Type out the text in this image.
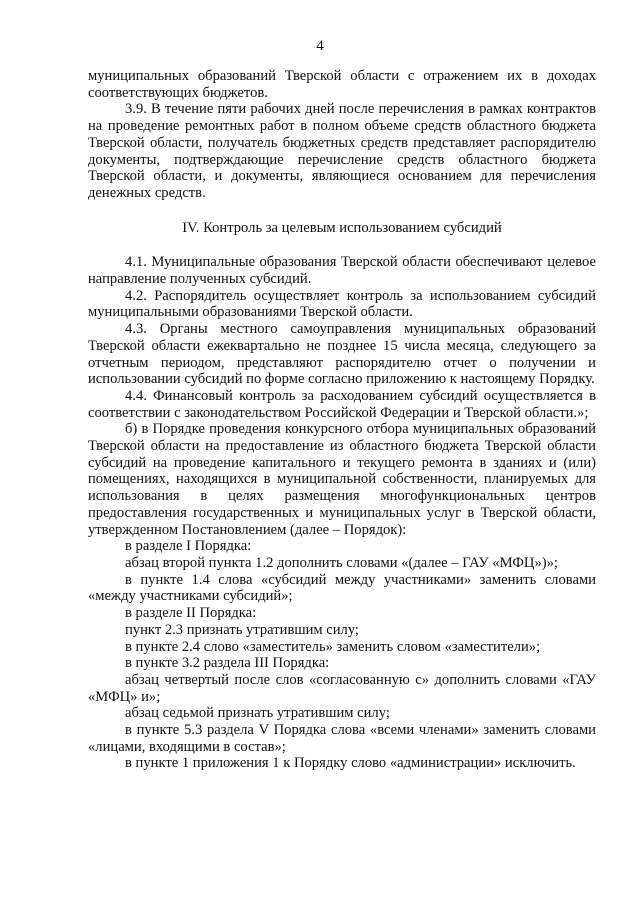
4

муниципальных образований Тверской области с отражением их в доходах соответствующих бюджетов.

3.9. В течение пяти рабочих дней после перечисления в рамках контрактов на проведение ремонтных работ в полном объеме средств областного бюджета Тверской области, получатель бюджетных средств представляет распорядителю документы, подтверждающие перечисление средств областного бюджета Тверской области, и документы, являющиеся основанием для перечисления денежных средств.

IV. Контроль за целевым использованием субсидий

4.1. Муниципальные образования Тверской области обеспечивают целевое направление полученных субсидий.

4.2. Распорядитель осуществляет контроль за использованием субсидий муниципальными образованиями Тверской области.

4.3. Органы местного самоуправления муниципальных образований Тверской области ежеквартально не позднее 15 числа месяца, следующего за отчетным периодом, представляют распорядителю отчет о получении и использовании субсидий по форме согласно приложению к настоящему Порядку.

4.4. Финансовый контроль за расходованием субсидий осуществляется в соответствии с законодательством Российской Федерации и Тверской области.»;

б) в Порядке проведения конкурсного отбора муниципальных образований Тверской области на предоставление из областного бюджета Тверской области субсидий на проведение капитального и текущего ремонта в зданиях и (или) помещениях, находящихся в муниципальной собственности, планируемых для использования в целях размещения многофункциональных центров предоставления государственных и муниципальных услуг в Тверской области, утвержденном Постановлением (далее – Порядок):

в разделе I Порядка:

абзац второй пункта 1.2 дополнить словами «(далее – ГАУ «МФЦ»)»;

в пункте 1.4 слова «субсидий между участниками» заменить словами «между участниками субсидий»;

в разделе II Порядка:

пункт 2.3 признать утратившим силу;

в пункте 2.4 слово «заместитель» заменить словом «заместители»;

в пункте 3.2 раздела III Порядка:

абзац четвертый после слов «согласованную с» дополнить словами «ГАУ «МФЦ» и»;

абзац седьмой признать утратившим силу;

в пункте 5.3 раздела V Порядка слова «всеми членами» заменить словами «лицами, входящими в состав»;

в пункте 1 приложения 1 к Порядку слово «администрации» исключить.
